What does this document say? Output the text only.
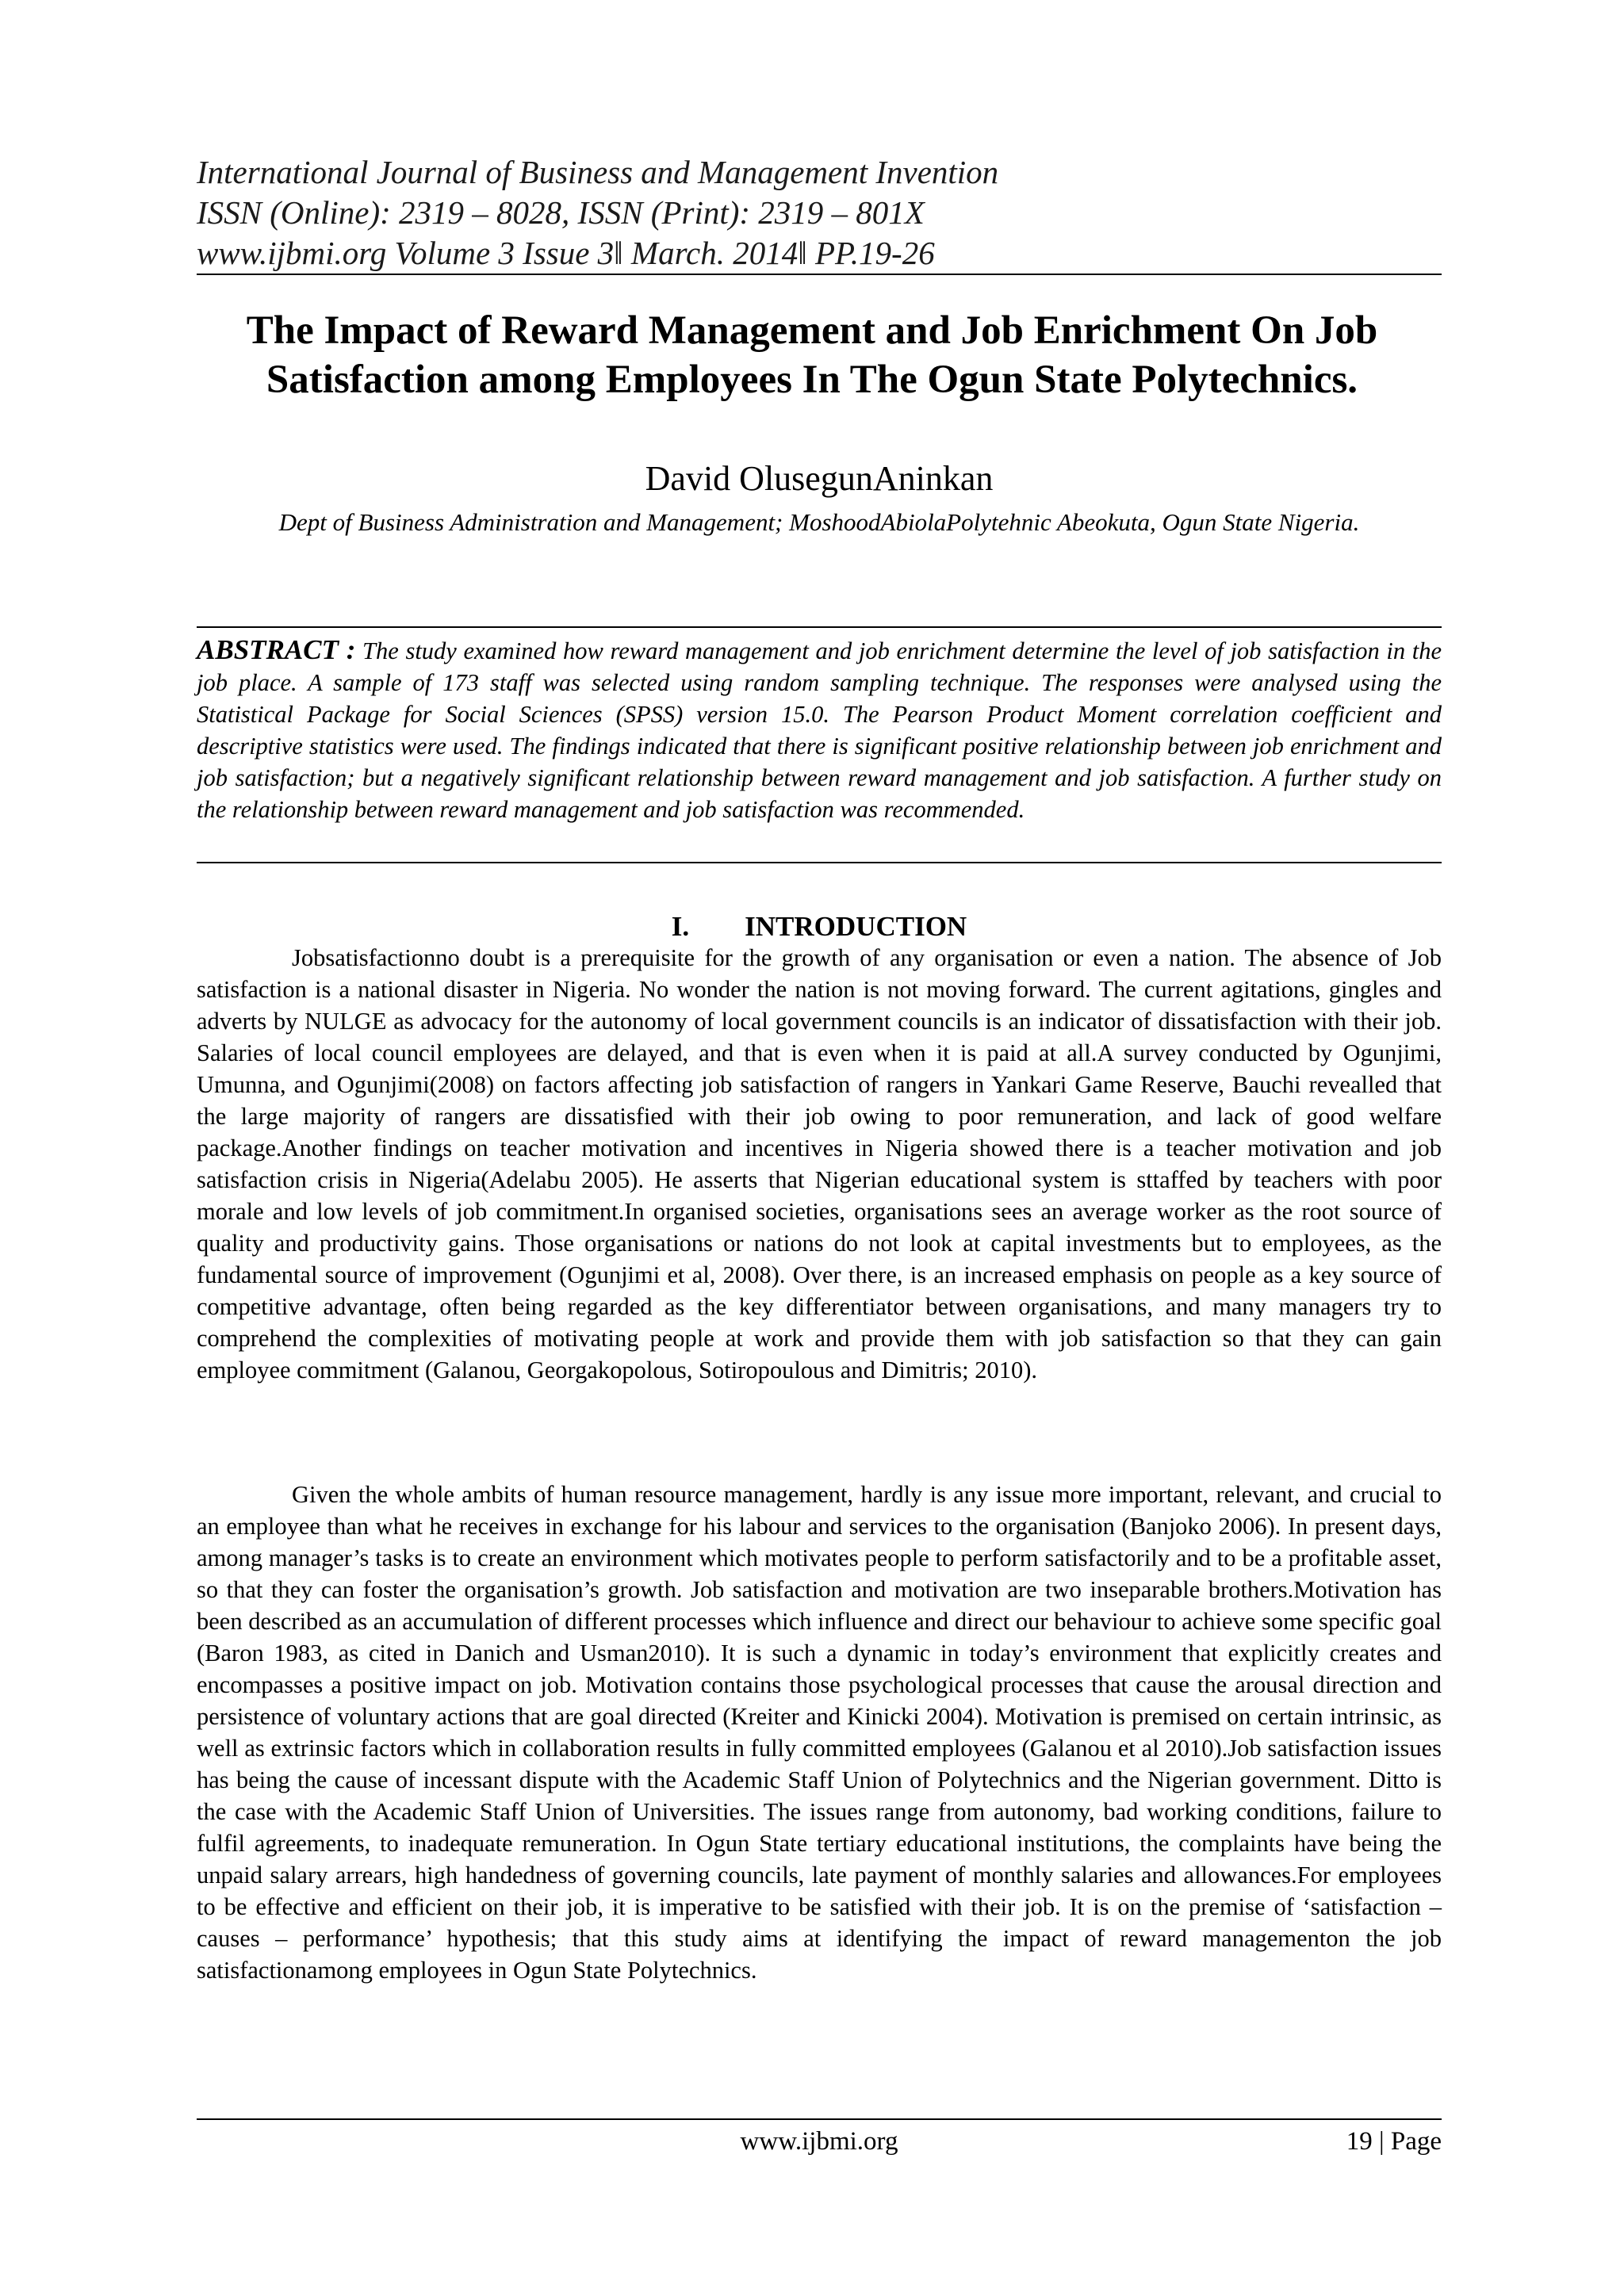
International Journal of Business and Management Invention
ISSN (Online): 2319 – 8028, ISSN (Print): 2319 – 801X
www.ijbmi.org Volume 3 Issue 3ǁ March. 2014ǁ PP.19-26
The Impact of Reward Management and Job Enrichment On Job Satisfaction among Employees In The Ogun State Polytechnics.
David OlusegunAninkan
Dept of Business Administration and Management; MoshoodAbiolaPolytehnic Abeokuta, Ogun State Nigeria.
ABSTRACT : The study examined how reward management and job enrichment determine the level of job satisfaction in the job place. A sample of 173 staff was selected using random sampling technique. The responses were analysed using the Statistical Package for Social Sciences (SPSS) version 15.0. The Pearson Product Moment correlation coefficient and descriptive statistics were used. The findings indicated that there is significant positive relationship between job enrichment and job satisfaction; but a negatively significant relationship between reward management and job satisfaction. A further study on the relationship between reward management and job satisfaction was recommended.
I. INTRODUCTION

Jobsatisfactionno doubt is a prerequisite for the growth of any organisation or even a nation. The absence of Job satisfaction is a national disaster in Nigeria. No wonder the nation is not moving forward. The current agitations, gingles and adverts by NULGE as advocacy for the autonomy of local government councils is an indicator of dissatisfaction with their job. Salaries of local council employees are delayed, and that is even when it is paid at all.A survey conducted by Ogunjimi, Umunna, and Ogunjimi(2008) on factors affecting job satisfaction of rangers in Yankari Game Reserve, Bauchi revealled that the large majority of rangers are dissatisfied with their job owing to poor remuneration, and lack of good welfare package.Another findings on teacher motivation and incentives in Nigeria showed there is a teacher motivation and job satisfaction crisis in Nigeria(Adelabu 2005). He asserts that Nigerian educational system is sttaffed by teachers with poor morale and low levels of job commitment.In organised societies, organisations sees an average worker as the root source of quality and productivity gains. Those organisations or nations do not look at capital investments but to employees, as the fundamental source of improvement (Ogunjimi et al, 2008). Over there, is an increased emphasis on people as a key source of competitive advantage, often being regarded as the key differentiator between organisations, and many managers try to comprehend the complexities of motivating people at work and provide them with job satisfaction so that they can gain employee commitment (Galanou, Georgakopolous, Sotiropoulous and Dimitris; 2010).

Given the whole ambits of human resource management, hardly is any issue more important, relevant, and crucial to an employee than what he receives in exchange for his labour and services to the organisation (Banjoko 2006). In present days, among manager’s tasks is to create an environment which motivates people to perform satisfactorily and to be a profitable asset, so that they can foster the organisation’s growth. Job satisfaction and motivation are two inseparable brothers.Motivation has been described as an accumulation of different processes which influence and direct our behaviour to achieve some specific goal (Baron 1983, as cited in Danich and Usman2010). It is such a dynamic in today’s environment that explicitly creates and encompasses a positive impact on job. Motivation contains those psychological processes that cause the arousal direction and persistence of voluntary actions that are goal directed (Kreiter and Kinicki 2004). Motivation is premised on certain intrinsic, as well as extrinsic factors which in collaboration results in fully committed employees (Galanou et al 2010).Job satisfaction issues has being the cause of incessant dispute with the Academic Staff Union of Polytechnics and the Nigerian government. Ditto is the case with the Academic Staff Union of Universities. The issues range from autonomy, bad working conditions, failure to fulfil agreements, to inadequate remuneration. In Ogun State tertiary educational institutions, the complaints have being the unpaid salary arrears, high handedness of governing councils, late payment of monthly salaries and allowances.For employees to be effective and efficient on their job, it is imperative to be satisfied with their job. It is on the premise of ‘satisfaction – causes – performance’ hypothesis; that this study aims at identifying the impact of reward managementon the job satisfactionamong employees in Ogun State Polytechnics.

www.ijbmi.org	19 | Page
